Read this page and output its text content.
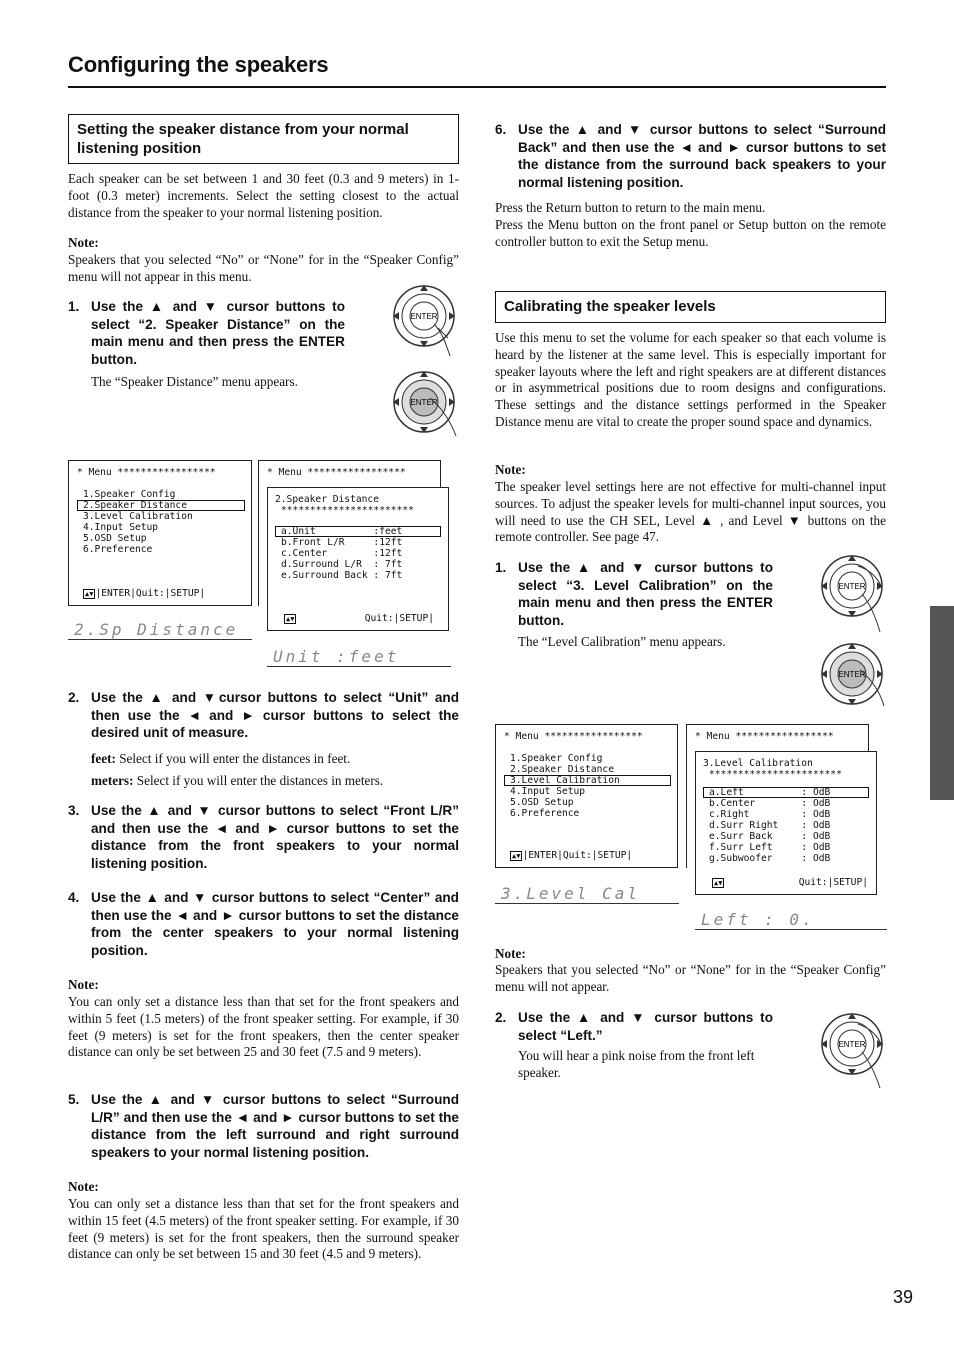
Configuring the speakers
Setting the speaker distance from your normal listening position
Each speaker can be set between 1 and 30 feet (0.3 and 9 meters) in 1-foot (0.3 meter) increments. Select the setting closest to the actual distance from the speaker to your normal listening position.
Note:
Speakers that you selected “No” or “None” for in the “Speaker Config” menu will not appear in this menu.
1. Use the ▲ and ▼ cursor buttons to select “2. Speaker Distance” on the main menu and then press the ENTER button.
The “Speaker Distance” menu appears.
ENTER
ENTER
* Menu *****************
1.Speaker Config
2.Speaker Distance
3.Level Calibration
4.Input Setup
5.OSD Setup
6.Preference
▲▼ |ENTER|Quit:|SETUP|
* Menu *****************
2.Speaker Distance
***********************
a.Unit          :feet
b.Front L/R     :12ft
c.Center        :12ft
d.Surround L/R  : 7ft
e.Surround Back : 7ft
▲▼	Quit:|SETUP|
2.Sp Distance
Unit :feet
2. Use the ▲ and ▼cursor buttons to select “Unit” and then use the ◄ and ► cursor buttons to select the desired unit of measure.
feet: Select if you will enter the distances in feet.
meters: Select if you will enter the distances in meters.
3. Use the ▲ and ▼ cursor buttons to select “Front L/R” and then use the ◄ and ► cursor buttons to set the distance from the front speakers to your normal listening position.
4. Use the ▲ and ▼ cursor buttons to select “Center” and then use the ◄ and ► cursor buttons to set the distance from the center speakers to your normal listening position.
Note:
You can only set a distance less than that set for the front speakers and within 5 feet (1.5 meters) of the front speaker setting. For example, if 30 feet (9 meters) is set for the front speakers, then the center speaker distance can only be set between 25 and 30 feet (7.5 and 9 meters).
5. Use the ▲ and ▼ cursor buttons to select “Surround L/R” and then use the ◄ and ► cursor buttons to set the distance from the left surround and right surround speakers to your normal listening position.
Note:
You can only set a distance less than that set for the front speakers and within 15 feet (4.5 meters) of the front speaker setting. For example, if 30 feet (9 meters) is set for the front speakers, then the surround speaker distance can only be set between 15 and 30 feet (4.5 and 9 meters).
6. Use the ▲ and ▼ cursor buttons to select “Surround Back” and then use the ◄ and ► cursor buttons to set the distance from the surround back speakers to your normal listening position.
Press the Return button to return to the main menu.
Press the Menu button on the front panel or Setup button on the remote controller button to exit the Setup menu.
Calibrating the speaker levels
Use this menu to set the volume for each speaker so that each volume is heard by the listener at the same level. This is especially important for speaker layouts where the left and right speakers are at different distances or in asymmetrical positions due to room designs and configurations. These settings and the distance settings performed in the Speaker Distance menu are vital to create the proper sound space and dynamics.
Note:
The speaker level settings here are not effective for multi-channel input sources. To adjust the speaker levels for multi-channel input sources, you will need to use the CH SEL, Level ▲ , and Level ▼ buttons on the remote controller. See page 47.
1. Use the ▲ and ▼ cursor buttons to select “3. Level Calibration” on the main menu and then press the ENTER button.
The “Level Calibration” menu appears.
ENTER
ENTER
* Menu *****************
1.Speaker Config
2.Speaker Distance
3.Level Calibration
4.Input Setup
5.OSD Setup
6.Preference
▲▼ |ENTER|Quit:|SETUP|
* Menu *****************
3.Level Calibration
***********************
a.Left          : OdB
b.Center        : OdB
c.Right         : OdB
d.Surr Right    : OdB
e.Surr Back     : OdB
f.Surr Left     : OdB
g.Subwoofer     : OdB
▲▼	Quit:|SETUP|
3.Level Cal
Left : 0.
Note:
Speakers that you selected “No” or “None” for in the “Speaker Config” menu will not appear.
2. Use the ▲ and ▼ cursor buttons to select “Left.”
You will hear a pink noise from the front left speaker.
ENTER
39
